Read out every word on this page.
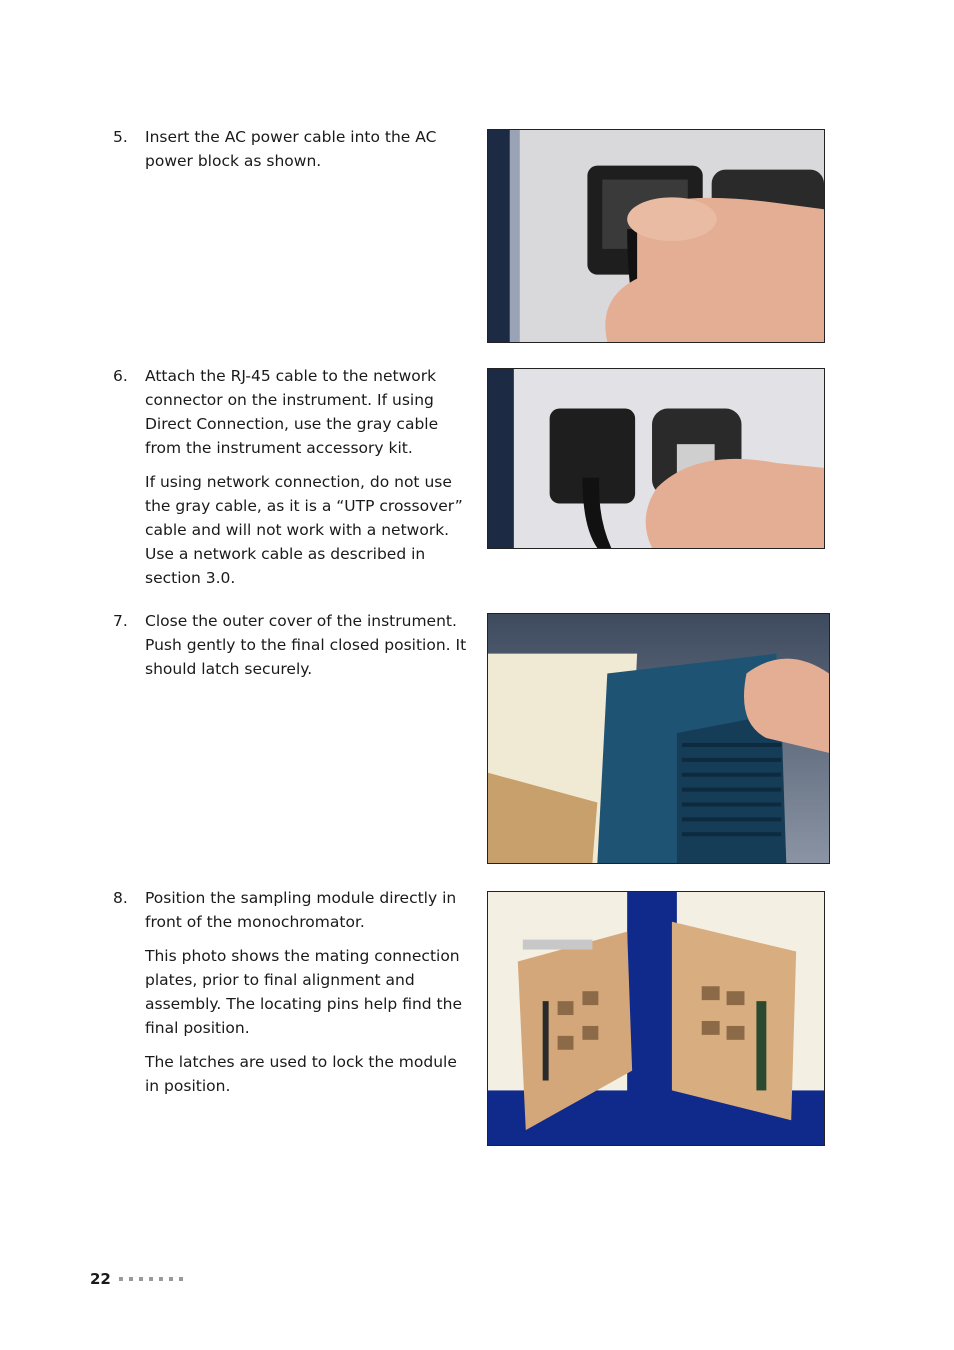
5. Insert the AC power cable into the AC power block as shown.

6. Attach the RJ-45 cable to the network connector on the instrument. If using Direct Connection, use the gray cable from the instrument accessory kit.

If using network connection, do not use the gray cable, as it is a “UTP crossover” cable and will not work with a network. Use a network cable as described in section 3.0.

7. Close the outer cover of the instrument. Push gently to the final closed position. It should latch securely.

8. Position the sampling module directly in front of the monochromator.

This photo shows the mating connection plates, prior to final alignment and assembly. The locating pins help find the final position.

The latches are used to lock the module in position.

22
